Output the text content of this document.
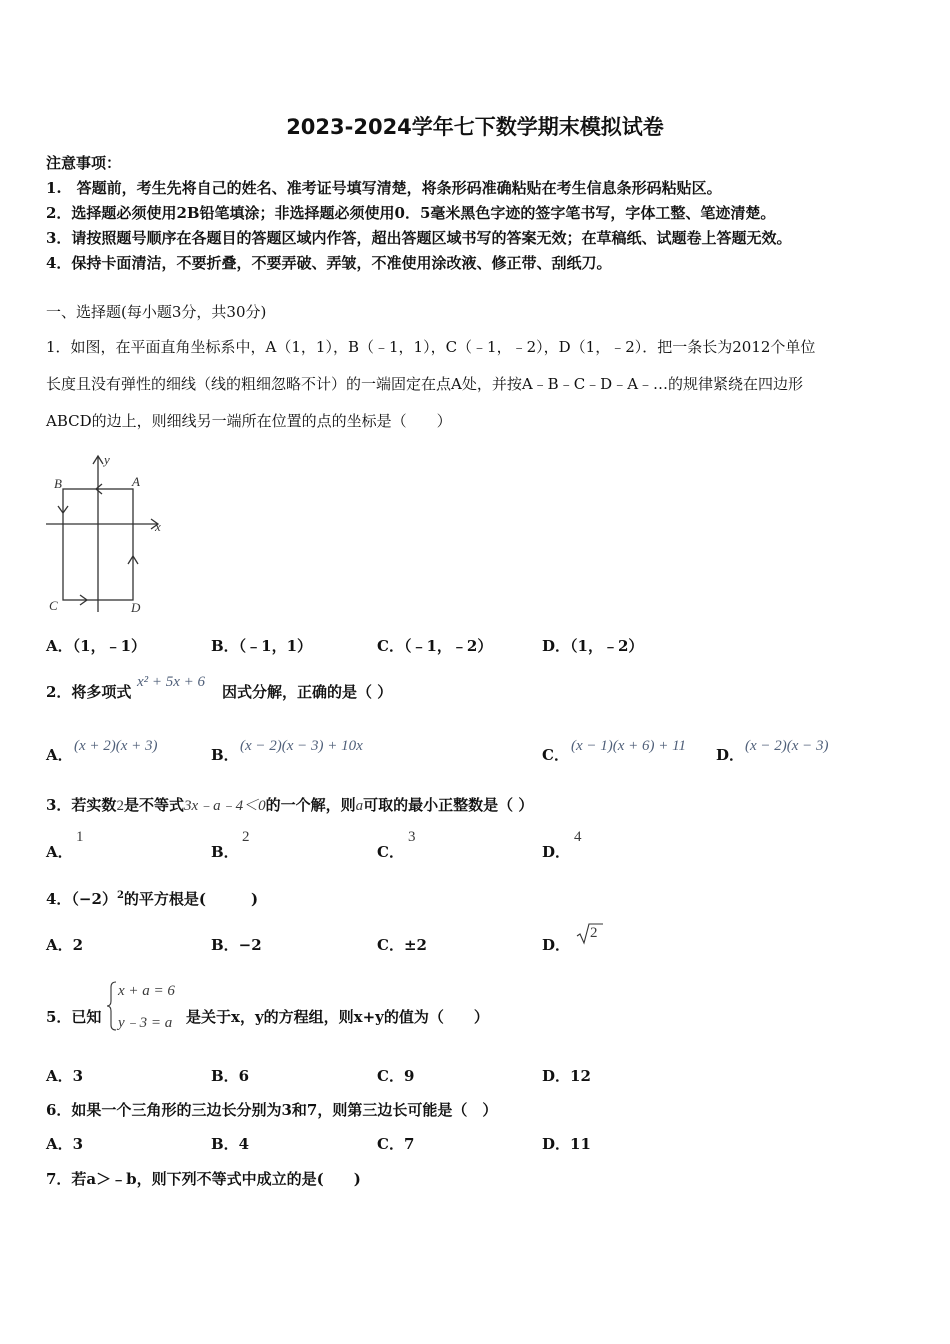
2023-2024学年七下数学期末模拟试卷
注意事项：
1.　答题前，考生先将自己的姓名、准考证号填写清楚，将条形码准确粘贴在考生信息条形码粘贴区。
2．选择题必须使用2B铅笔填涂；非选择题必须使用0．5毫米黑色字迹的签字笔书写，字体工整、笔迹清楚。
3．请按照题号顺序在各题目的答题区域内作答，超出答题区域书写的答案无效；在草稿纸、试题卷上答题无效。
4．保持卡面清洁，不要折叠，不要弄破、弄皱，不准使用涂改液、修正带、刮纸刀。
一、选择题(每小题3分，共30分)
1．如图，在平面直角坐标系中，A（1，1），B（﹣1，1），C（﹣1，﹣2），D（1，﹣2）．把一条长为2012个单位
长度且没有弹性的细线（线的粗细忽略不计）的一端固定在点A处，并按A﹣B﹣C﹣D﹣A﹣…的规律紧绕在四边形
ABCD的边上，则细线另一端所在位置的点的坐标是（　　）
B	A
C	D
x
y
A．（1，﹣1）	B．（﹣1，1）	C．（﹣1，﹣2）	D．（1，﹣2）
2．将多项式
x² + 5x + 6
因式分解，正确的是（ ）
A． (x + 2)(x + 3)	B． (x − 2)(x − 3) + 10x	C． (x − 1)(x + 6) + 11 D． (x − 2)(x − 3)
3．若实数2是不等式3x﹣a﹣4＜0的一个解，则a可取的最小正整数是（ ）
A．
1
B．
2
C．
3
D．
4
4．$(-2)^2$的平方根是(　　　)
A．2	B．−2	C．±2	D．
2
5．已知
x + a = 6
y﹣3 = a 是关于x，y的方程组，则x+y的值为（　　）
A．3	B．6	C．9	D．12
6．如果一个三角形的三边长分别为3和7，则第三边长可能是（　）
A．3	B．4	C．7	D．11
7．若a＞﹣b，则下列不等式中成立的是(　　)
